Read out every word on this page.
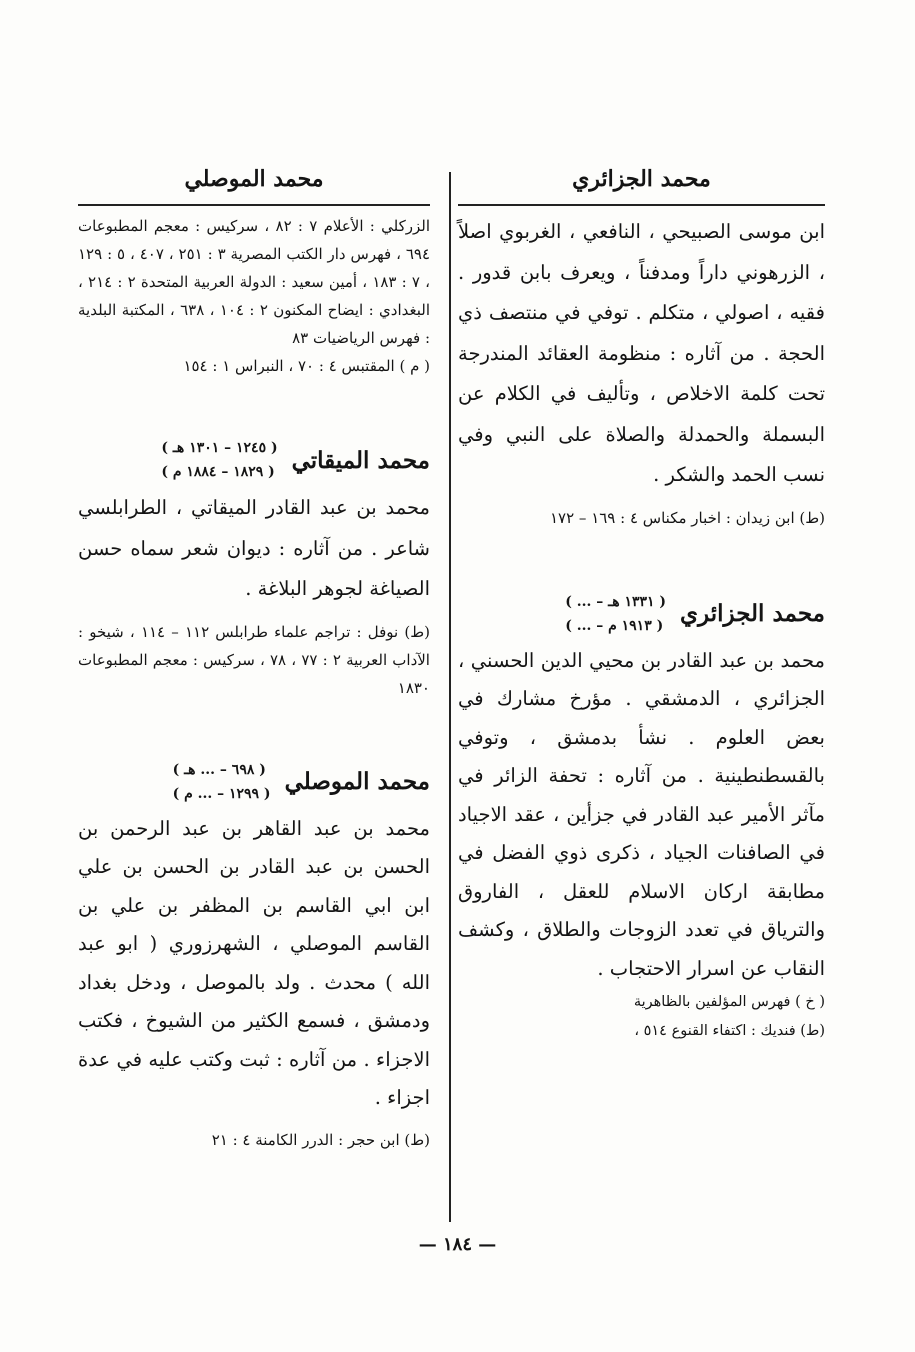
محمد الجزائري
ابن موسى الصبيحي ، النافعي ، الغربوي اصلاً ، الزرهوني داراً ومدفناً ، ويعرف بابن قدور . فقيه ، اصولي ، متكلم . توفي في منتصف ذي الحجة . من آثاره : منظومة العقائد المندرجة تحت كلمة الاخلاص ، وتأليف في الكلام عن البسملة والحمدلة والصلاة على النبي وفي نسب الحمد والشكر .
(ط) ابن زيدان : اخبار مكناس ٤ : ١٦٩ – ١٧٢
محمد الجزائري
( ... – ١٣٣١ هـ )
( ... – ١٩١٣ م )
محمد بن عبد القادر بن محيي الدين الحسني ، الجزائري ، الدمشقي . مؤرخ مشارك في بعض العلوم . نشأ بدمشق ، وتوفي بالقسطنطينية . من آثاره : تحفة الزائر في مآثر الأمير عبد القادر في جزأين ، عقد الاجياد في الصافنات الجياد ، ذكرى ذوي الفضل في مطابقة اركان الاسلام للعقل ، الفاروق والترياق في تعدد الزوجات والطلاق ، وكشف النقاب عن اسرار الاحتجاب .
( خ ) فهرس المؤلفين بالظاهرية
(ط) فنديك : اكتفاء القنوع ٥١٤ ،
محمد الموصلي
الزركلي : الأعلام ٧ : ٨٢ ، سركيس : معجم المطبوعات ٦٩٤ ، فهرس دار الكتب المصرية ٣ : ٢٥١ ، ٤٠٧ ، ٥ : ١٢٩ ، ٧ : ١٨٣ ، أمين سعيد : الدولة العربية المتحدة ٢ : ٢١٤ ، البغدادي : ايضاح المكنون ٢ : ١٠٤ ، ٦٣٨ ، المكتبة البلدية : فهرس الرياضيات ٨٣
( م ) المقتبس ٤ : ٧٠ ، النبراس ١ : ١٥٤
محمد الميقاتي
( ١٢٤٥ – ١٣٠١ هـ )
( ١٨٢٩ – ١٨٨٤ م )
محمد بن عبد القادر الميقاتي ، الطرابلسي شاعر . من آثاره : ديوان شعر سماه حسن الصياغة لجوهر البلاغة .
(ط) نوفل : تراجم علماء طرابلس ١١٢ – ١١٤ ، شيخو : الآداب العربية ٢ : ٧٧ ، ٧٨ ، سركيس : معجم المطبوعات ١٨٣٠
محمد الموصلي
( ٦٩٨ – ... هـ )
( ١٢٩٩ – ... م )
محمد بن عبد القاهر بن عبد الرحمن بن الحسن بن عبد القادر بن الحسن بن علي ابن ابي القاسم بن المظفر بن علي بن القاسم الموصلي ، الشهرزوري ( ابو عبد الله ) محدث . ولد بالموصل ، ودخل بغداد ودمشق ، فسمع الكثير من الشيوخ ، فكتب الاجزاء . من آثاره : ثبت وكتب عليه في عدة اجزاء .
(ط) ابن حجر : الدرر الكامنة ٤ : ٢١
— ١٨٤ —
